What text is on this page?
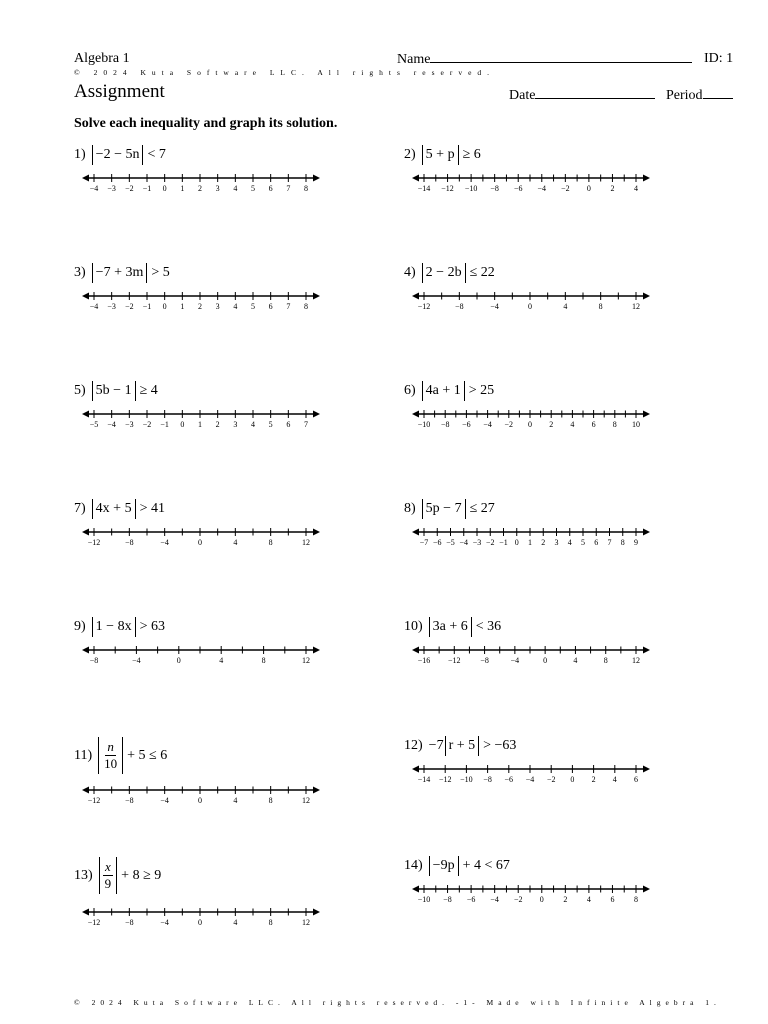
Algebra 1	Name	ID: 1
© 2024 Kuta Software LLC. All rights reserved.
Assignment	Date	Period
Solve each inequality and graph its solution.
1) −2 − 5n < 7
−4 −3 −2 −1 0 1 2 3 4 5 6 7 8
2) 5 + p ≥ 6
−14 −12 −10 −8 −6 −4 −2 0 2 4
3) −7 + 3m > 5
−4 −3 −2 −1 0 1 2 3 4 5 6 7 8
4) 2 − 2b ≤ 22
−12	−8	−4	0	4	8	12
5) 5b − 1 ≥ 4
−5 −4 −3 −2 −1 0 1 2 3 4 5 6 7
6) 4a + 1 > 25
−10 −8 −6 −4 −2 0 2 4 6 8 10
7) 4x + 5 > 41
−12	−8	−4	0	4	8	12
8) 5p − 7 ≤ 27
−7 −6 −5 −4 −3 −2 −1 0 1 2 3 4 5 6 7 8 9
9) 1 − 8x > 63
−8	−4	0	4	8	12
10) 3a + 6 < 36
−16 −12 −8	−4	0	4	8	12
$11) \frac{n}{10} + 5 \le 6$
−12	−8	−4	0	4	8	12
12) −7 r + 5 > −63
−14 −12 −10 −8 −6 −4 −2 0 2 4 6
$13) \frac{x}{9} + 8 \ge 9$
−12	−8	−4	0	4	8	12
14) −9p + 4 < 67
−10 −8 −6 −4 −2 0 2 4 6 8
© 2024 Kuta Software LLC. All rights reserved. -1- Made with Infinite Algebra 1.
